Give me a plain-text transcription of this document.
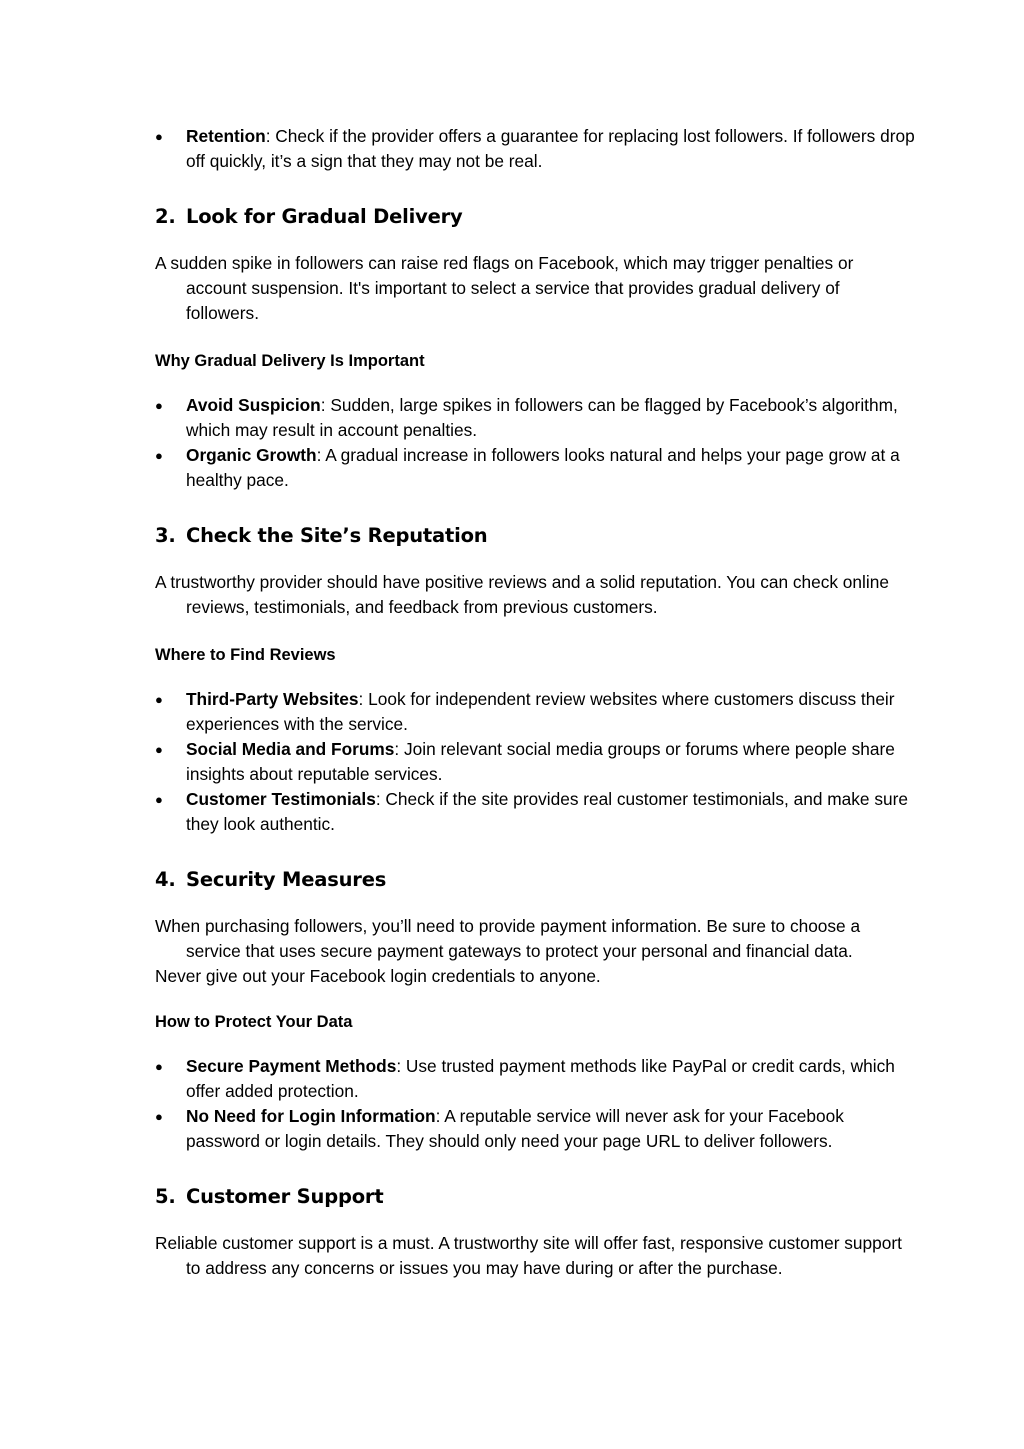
● Retention: Check if the provider offers a guarantee for replacing lost followers. If followers drop off quickly, it’s a sign that they may not be real.
2. Look for Gradual Delivery

A sudden spike in followers can raise red flags on Facebook, which may trigger penalties or account suspension. It's important to select a service that provides gradual delivery of followers.

Why Gradual Delivery Is Important
● Avoid Suspicion: Sudden, large spikes in followers can be flagged by Facebook’s algorithm, which may result in account penalties.
● Organic Growth: A gradual increase in followers looks natural and helps your page grow at a healthy pace.
3. Check the Site’s Reputation

A trustworthy provider should have positive reviews and a solid reputation. You can check online reviews, testimonials, and feedback from previous customers.

Where to Find Reviews
● Third-Party Websites: Look for independent review websites where customers discuss their experiences with the service.
● Social Media and Forums: Join relevant social media groups or forums where people share insights about reputable services.
● Customer Testimonials: Check if the site provides real customer testimonials, and make sure they look authentic.
4. Security Measures

When purchasing followers, you’ll need to provide payment information. Be sure to choose a service that uses secure payment gateways to protect your personal and financial data.

Never give out your Facebook login credentials to anyone.

How to Protect Your Data
● Secure Payment Methods: Use trusted payment methods like PayPal or credit cards, which offer added protection.
● No Need for Login Information: A reputable service will never ask for your Facebook password or login details. They should only need your page URL to deliver followers.
5. Customer Support

Reliable customer support is a must. A trustworthy site will offer fast, responsive customer support to address any concerns or issues you may have during or after the purchase.
